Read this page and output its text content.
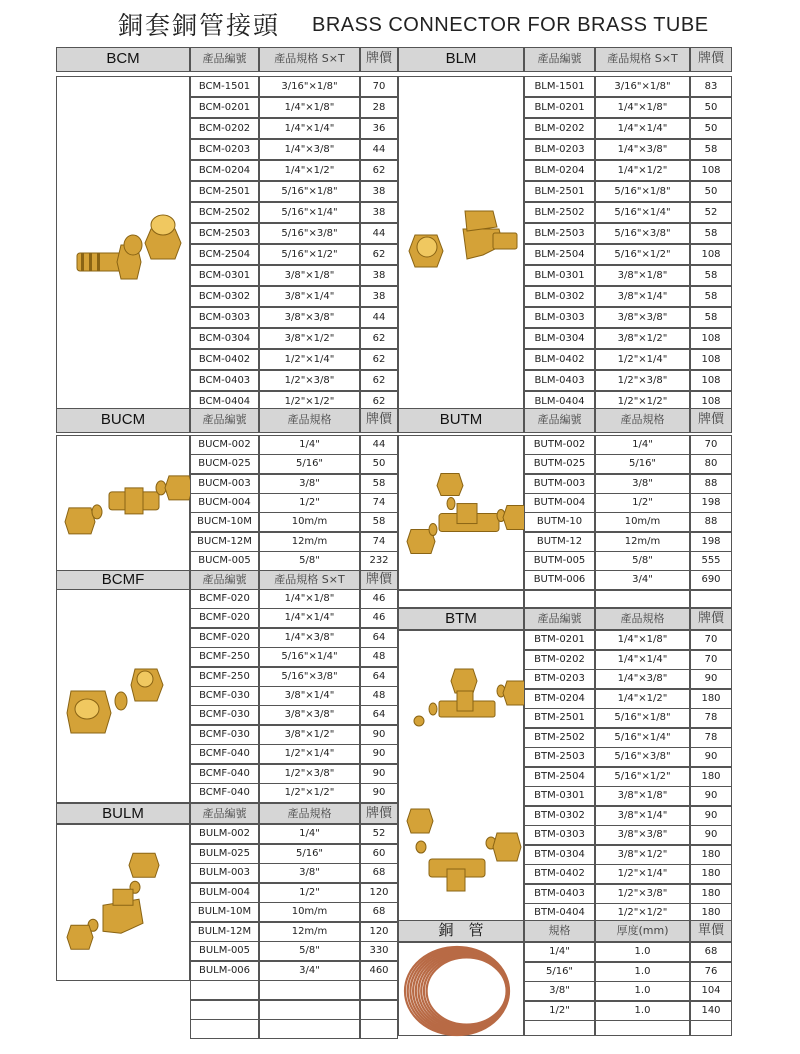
銅套銅管接頭 BRASS CONNECTOR FOR BRASS TUBE
BCM	產品編號	產品規格 S×T	牌價
BCM-1501	3/16"×1/8"	70
BCM-0201	1/4"×1/8"	28
BCM-0202	1/4"×1/4"	36
BCM-0203	1/4"×3/8"	44
BCM-0204	1/4"×1/2"	62
BCM-2501	5/16"×1/8"	38
BCM-2502	5/16"×1/4"	38
BCM-2503	5/16"×3/8"	44
BCM-2504	5/16"×1/2"	62
BCM-0301	3/8"×1/8"	38
BCM-0302	3/8"×1/4"	38
BCM-0303	3/8"×3/8"	44
BCM-0304	3/8"×1/2"	62
BCM-0402	1/2"×1/4"	62
BCM-0403	1/2"×3/8"	62
BCM-0404	1/2"×1/2"	62
BLM	產品編號	產品規格 S×T	牌價
BLM-1501	3/16"×1/8"	83
BLM-0201	1/4"×1/8"	50
BLM-0202	1/4"×1/4"	50
BLM-0203	1/4"×3/8"	58
BLM-0204	1/4"×1/2"	108
BLM-2501	5/16"×1/8"	50
BLM-2502	5/16"×1/4"	52
BLM-2503	5/16"×3/8"	58
BLM-2504	5/16"×1/2"	108
BLM-0301	3/8"×1/8"	58
BLM-0302	3/8"×1/4"	58
BLM-0303	3/8"×3/8"	58
BLM-0304	3/8"×1/2"	108
BLM-0402	1/2"×1/4"	108
BLM-0403	1/2"×3/8"	108
BLM-0404	1/2"×1/2"	108
BUCM	產品編號	產品規格	牌價
BUCM-002	1/4"	44
BUCM-025	5/16"	50
BUCM-003	3/8"	58
BUCM-004	1/2"	74
BUCM-10M	10m/m	58
BUCM-12M	12m/m	74
BUCM-005	5/8"	232
BUTM	產品編號	產品規格	牌價
BUTM-002	1/4"	70
BUTM-025	5/16"	80
BUTM-003	3/8"	88
BUTM-004	1/2"	198
BUTM-10	10m/m	88
BUTM-12	12m/m	198
BUTM-005	5/8"	555
BUTM-006	3/4"	690
BCMF	產品編號	產品規格 S×T	牌價
BCMF-020	1/4"×1/8"	46
BCMF-020	1/4"×1/4"	46
BCMF-020	1/4"×3/8"	64
BCMF-250	5/16"×1/4"	48
BCMF-250	5/16"×3/8"	64
BCMF-030	3/8"×1/4"	48
BCMF-030	3/8"×3/8"	64
BCMF-030	3/8"×1/2"	90
BCMF-040	1/2"×1/4"	90
BCMF-040	1/2"×3/8"	90
BCMF-040	1/2"×1/2"	90
BTM	產品編號	產品規格	牌價
BTM-0201	1/4"×1/8"	70
BTM-0202	1/4"×1/4"	70
BTM-0203	1/4"×3/8"	90
BTM-0204	1/4"×1/2"	180
BTM-2501	5/16"×1/8"	78
BTM-2502	5/16"×1/4"	78
BTM-2503	5/16"×3/8"	90
BTM-2504	5/16"×1/2"	180
BTM-0301	3/8"×1/8"	90
BTM-0302	3/8"×1/4"	90
BTM-0303	3/8"×3/8"	90
BTM-0304	3/8"×1/2"	180
BTM-0402	1/2"×1/4"	180
BTM-0403	1/2"×3/8"	180
BTM-0404	1/2"×1/2"	180
BULM	產品編號	產品規格	牌價
BULM-002	1/4"	52
BULM-025	5/16"	60
BULM-003	3/8"	68
BULM-004	1/2"	120
BULM-10M	10m/m	68
BULM-12M	12m/m	120
BULM-005	5/8"	330
BULM-006	3/4"	460
銅　管	規格	厚度(mm)	單價
1/4"	1.0	68
5/16"	1.0	76
3/8"	1.0	104
1/2"	1.0	140
